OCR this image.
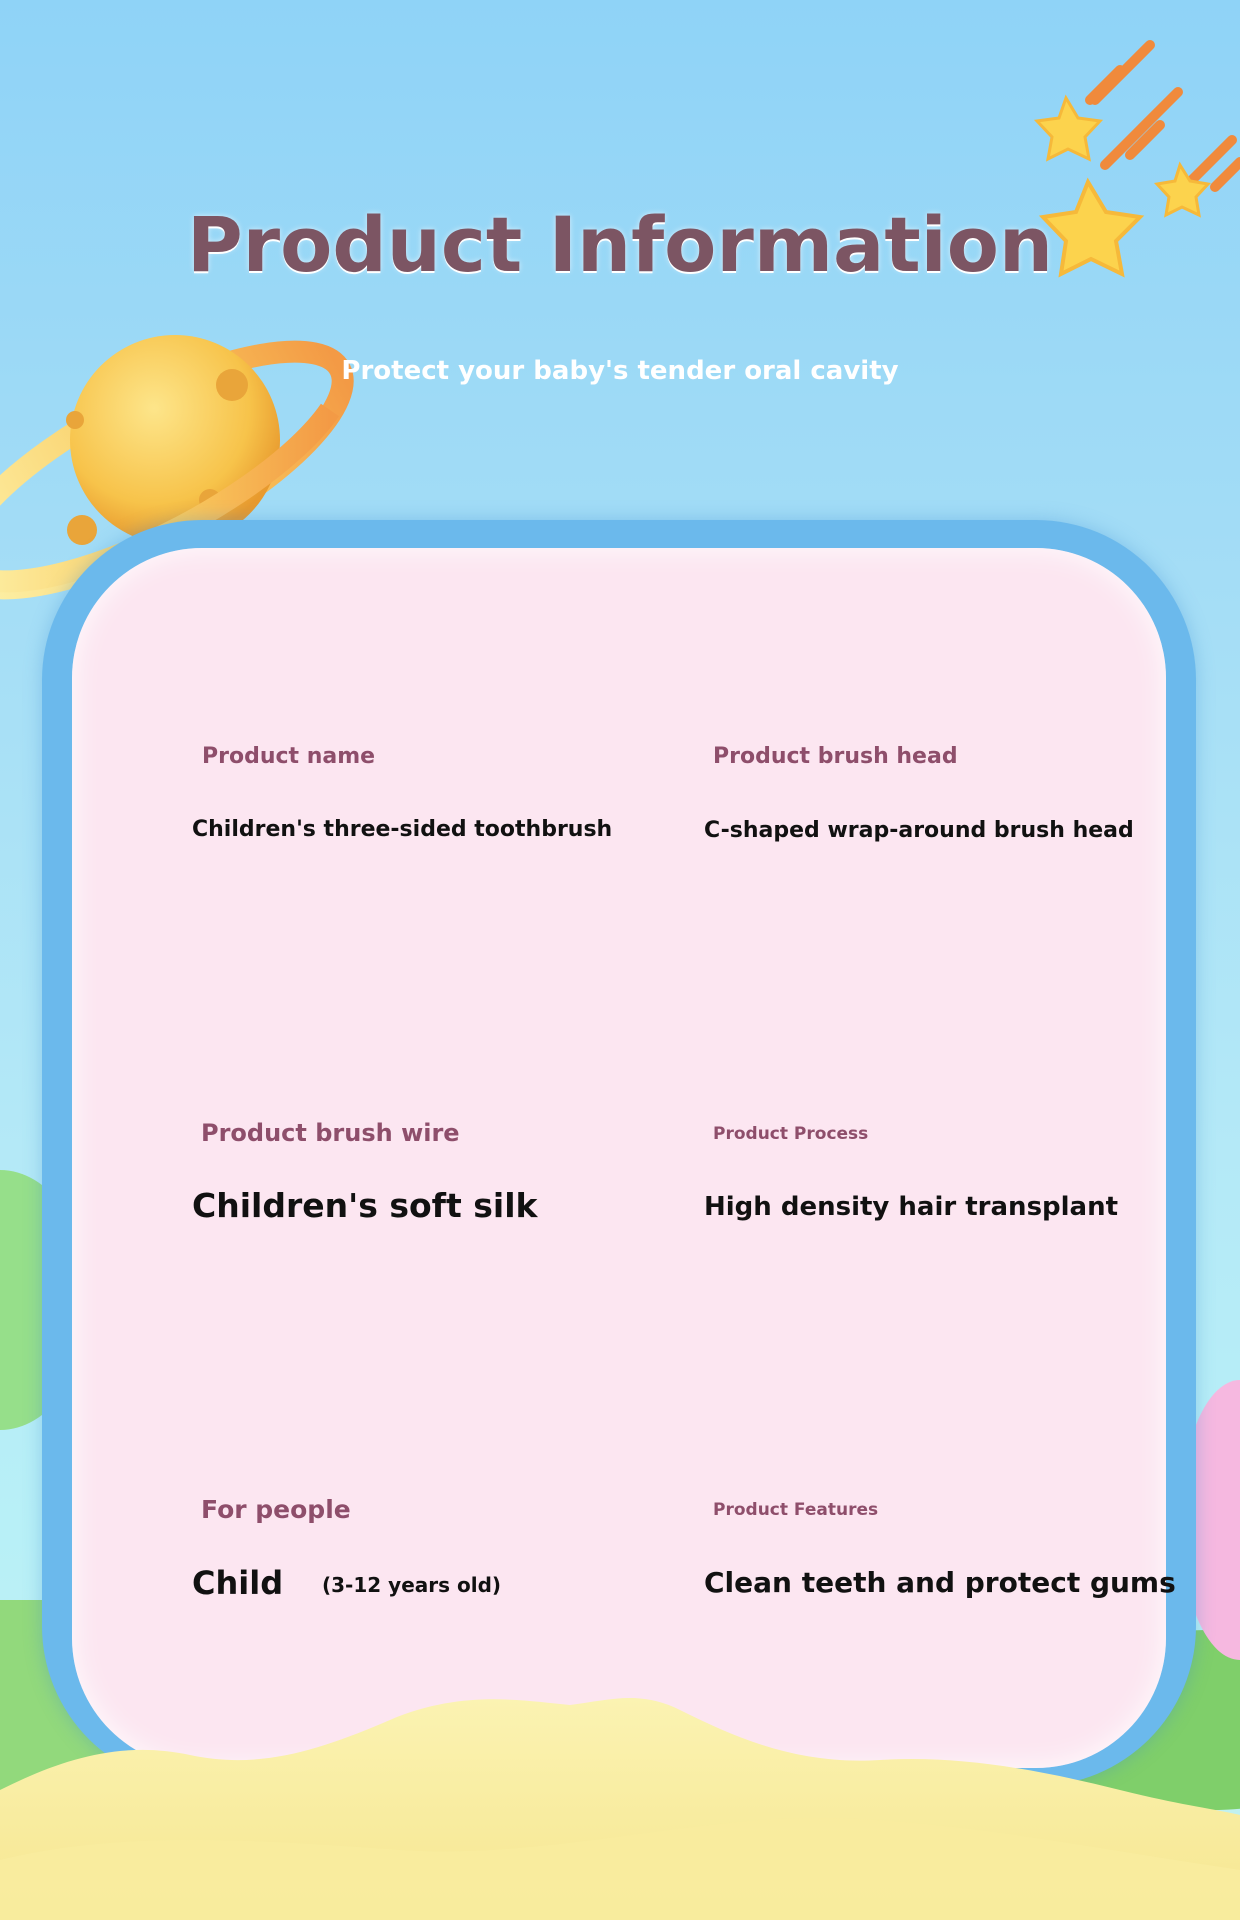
Product Information
Protect your baby's tender oral cavity
Product name
Children's three-sided toothbrush
Product brush head
C-shaped wrap-around brush head
Product brush wire
Children's soft silk
Product Process
High density hair transplant
For people
Child (3-12 years old)
Product Features
Clean teeth and protect gums
